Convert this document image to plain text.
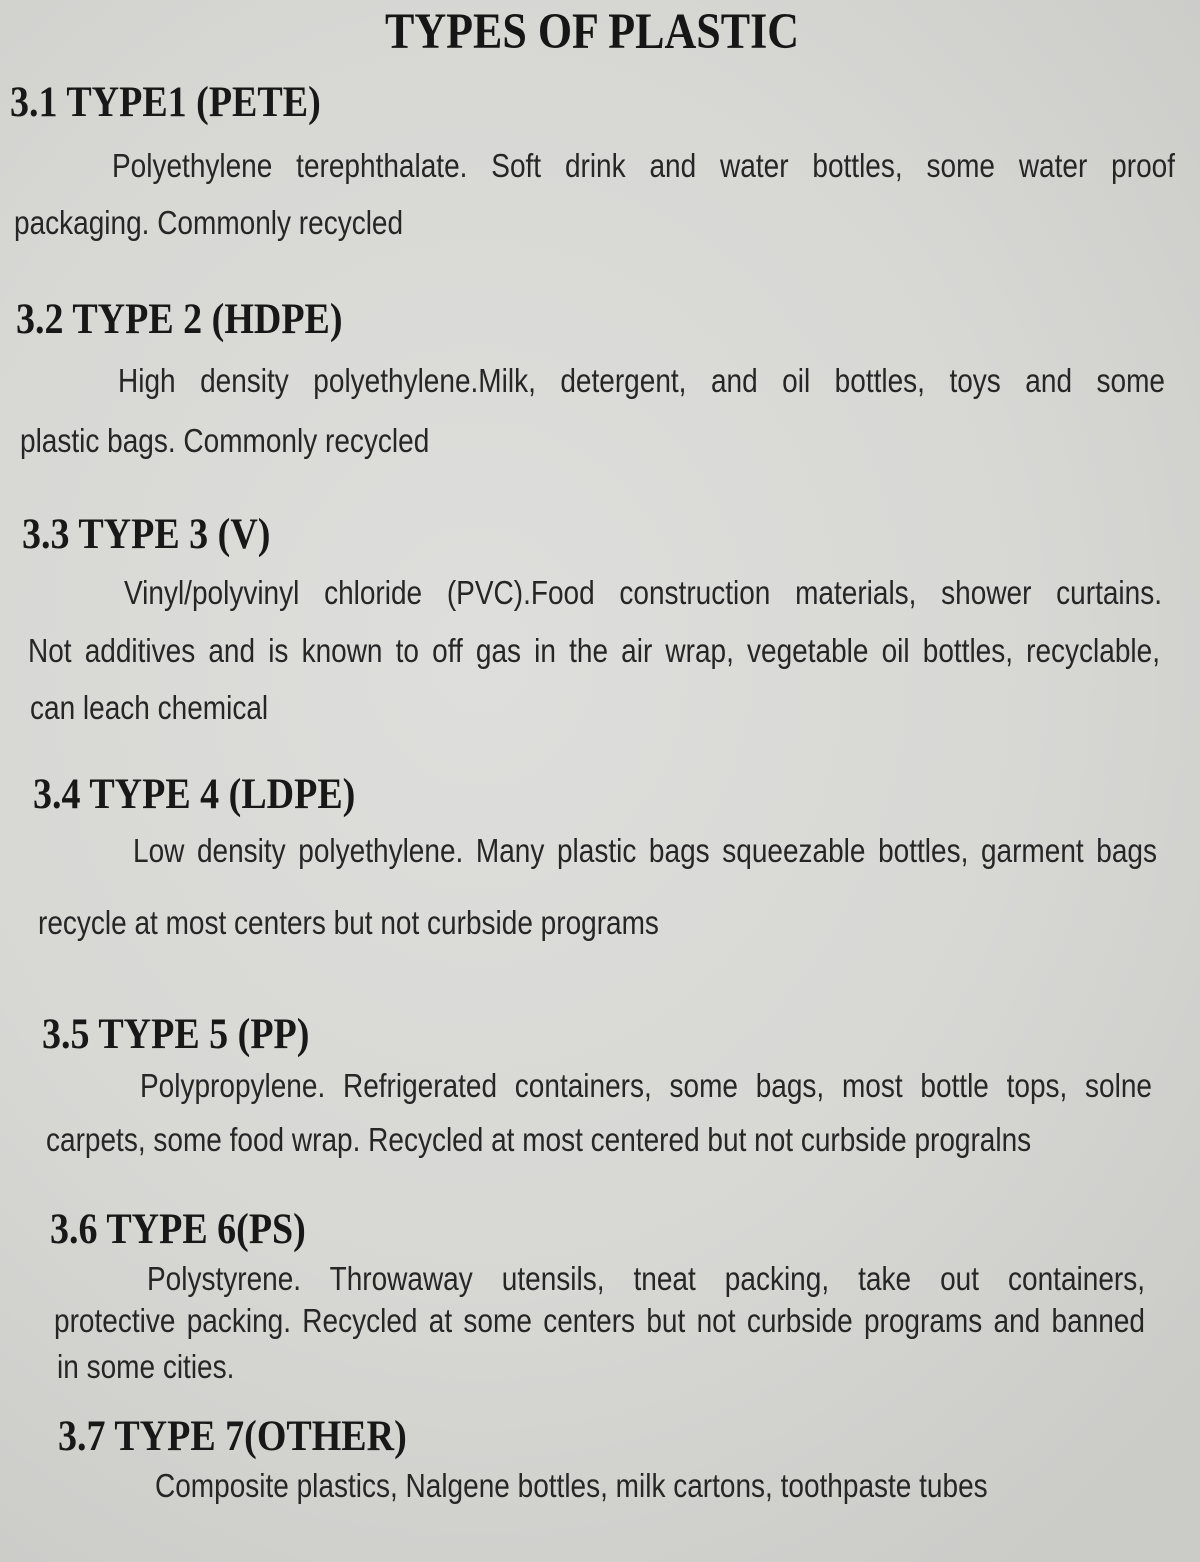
TYPES OF PLASTIC
3.1 TYPE1 (PETE)
Polyethylene terephthalate. Soft drink and water bottles, some water proof
packaging. Commonly recycled
3.2 TYPE 2 (HDPE)
High density polyethylene.Milk, detergent, and oil bottles, toys and some
plastic bags. Commonly recycled
3.3 TYPE 3 (V)
Vinyl/polyvinyl chloride (PVC).Food construction materials, shower curtains.
Not additives and is known to off gas in the air wrap, vegetable oil bottles, recyclable,
can leach chemical
3.4 TYPE 4 (LDPE)
Low density polyethylene. Many plastic bags squeezable bottles, garment bags
recycle at most centers but not curbside programs
3.5 TYPE 5 (PP)
Polypropylene. Refrigerated containers, some bags, most bottle tops, solne
carpets, some food wrap. Recycled at most centered but not curbside progralns
3.6 TYPE 6(PS)
Polystyrene. Throwaway utensils, tneat packing, take out containers,
protective packing. Recycled at some centers but not curbside programs and banned
in some cities.
3.7 TYPE 7(OTHER)
Composite plastics, Nalgene bottles, milk cartons, toothpaste tubes
